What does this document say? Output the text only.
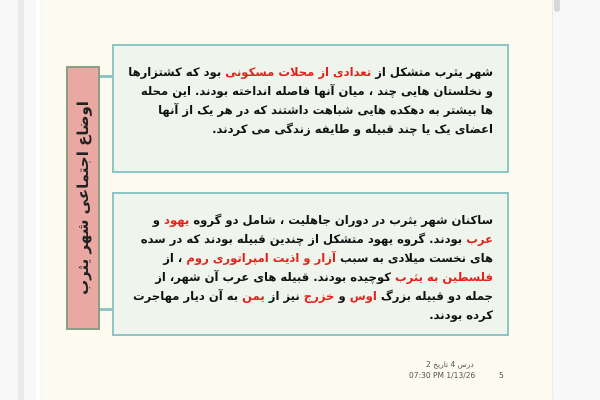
اوضاع اجتماعی شهر یثرب
شهر یثرب متشکل از تعدادی از محلات مسکونی بود که کشتزارها و نخلستان هایی چند ، میان آنها فاصله انداخته بودند. این محله ها بیشتر به دهکده هایی شباهت داشتند که در هر یک از آنها اعضای یک یا چند قبیله و طایفه زندگی می کردند.
ساکنان شهر یثرب در دوران جاهلیت ، شامل دو گروه یهود و عرب بودند. گروه یهود متشکل از چندین قبیله بودند که در سده های نخست میلادی به سبب آزار و اذیت امپراتوری روم ، از فلسطین به یثرب کوچیده بودند. قبیله های عرب آن شهر، از جمله دو قبیله بزرگ اوس و خزرج نیز از یمن به آن دیار مهاجرت کرده بودند.
درس 4 تاریخ 2
07:30 PM 1/13/26	5
